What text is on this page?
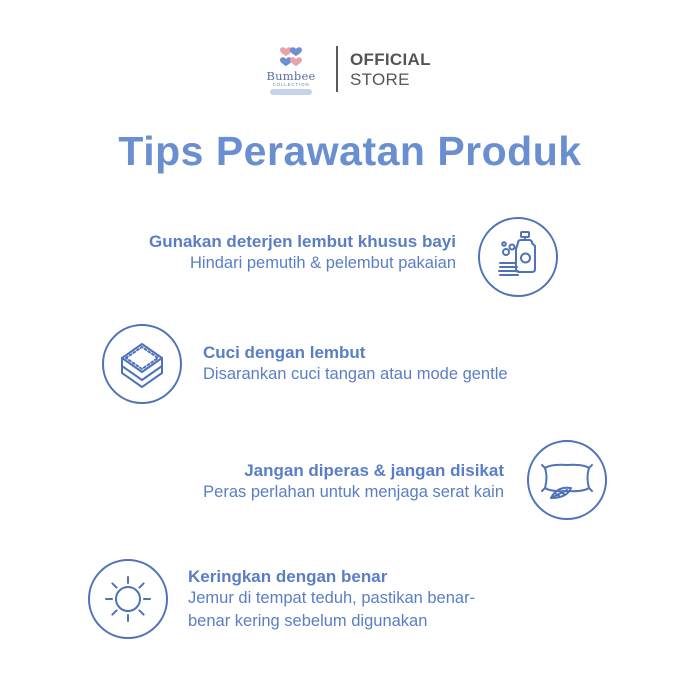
Bumbee
COLLECTION
OFFICIAL
STORE
Tips Perawatan Produk
Gunakan deterjen lembut khusus bayi
Hindari pemutih & pelembut pakaian
Cuci dengan lembut
Disarankan cuci tangan atau mode gentle
Jangan diperas & jangan disikat
Peras perlahan untuk menjaga serat kain
Keringkan dengan benar
Jemur di tempat teduh, pastikan benar-
benar kering sebelum digunakan
